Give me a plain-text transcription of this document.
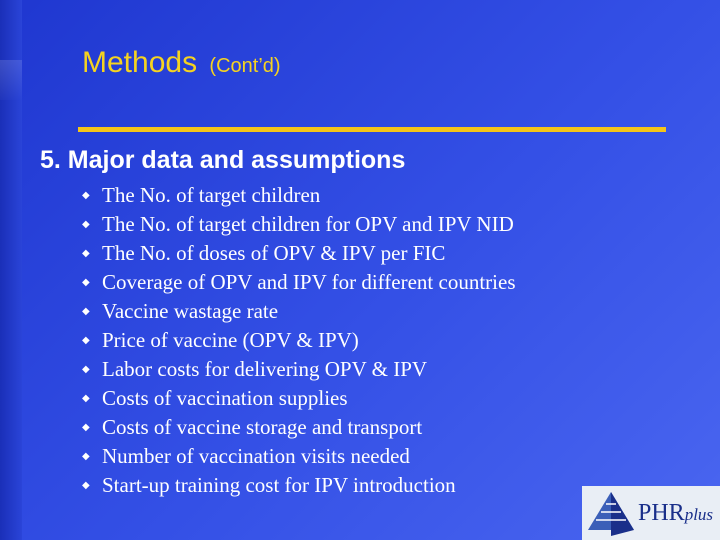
Methods (Cont’d)
5. Major data and assumptions
◆ The No. of target children
◆ The No. of target children for OPV and IPV NID
◆ The No. of doses of OPV & IPV per FIC
◆ Coverage of OPV and IPV for different countries
◆ Vaccine wastage rate
◆ Price of vaccine (OPV & IPV)
◆ Labor costs for delivering OPV & IPV
◆ Costs of vaccination supplies
◆ Costs of vaccine storage and transport
◆ Number of vaccination visits needed
◆ Start-up training cost for IPV introduction
PHRplus
